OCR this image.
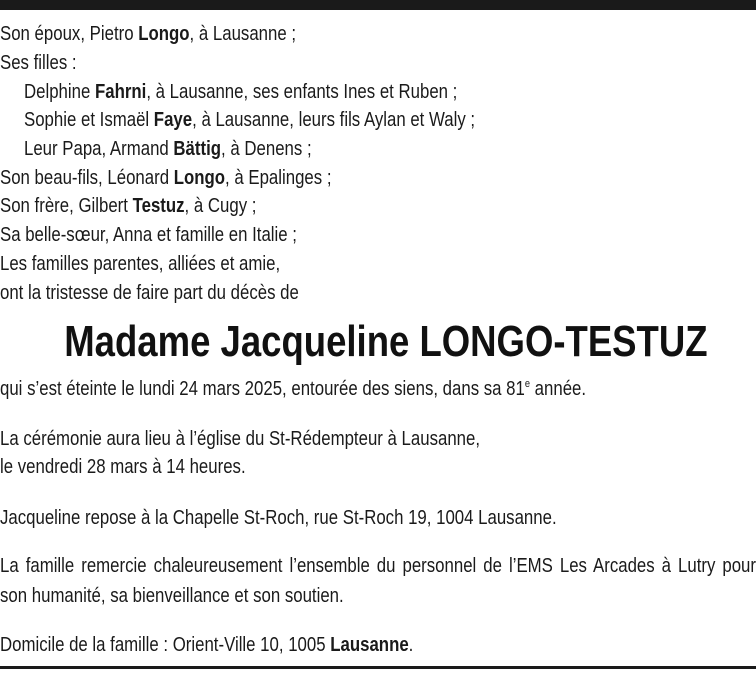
Son époux, Pietro Longo, à Lausanne ;
Ses filles :
Delphine Fahrni, à Lausanne, ses enfants Ines et Ruben ;
Sophie et Ismaël Faye, à Lausanne, leurs fils Aylan et Waly ;
Leur Papa, Armand Bättig, à Denens ;
Son beau-fils, Léonard Longo, à Epalinges ;
Son frère, Gilbert Testuz, à Cugy ;
Sa belle-sœur, Anna et famille en Italie ;
Les familles parentes, alliées et amie,
ont la tristesse de faire part du décès de
Madame Jacqueline LONGO-TESTUZ
qui s’est éteinte le lundi 24 mars 2025, entourée des siens, dans sa 81e année.
La cérémonie aura lieu à l’église du St-Rédempteur à Lausanne,
le vendredi 28 mars à 14 heures.
Jacqueline repose à la Chapelle St-Roch, rue St-Roch 19, 1004 Lausanne.
La famille remercie chaleureusement l’ensemble du personnel de l’EMS Les Arcades à Lutry pour son humanité, sa bienveillance et son soutien.
Domicile de la famille : Orient-Ville 10, 1005 Lausanne.
